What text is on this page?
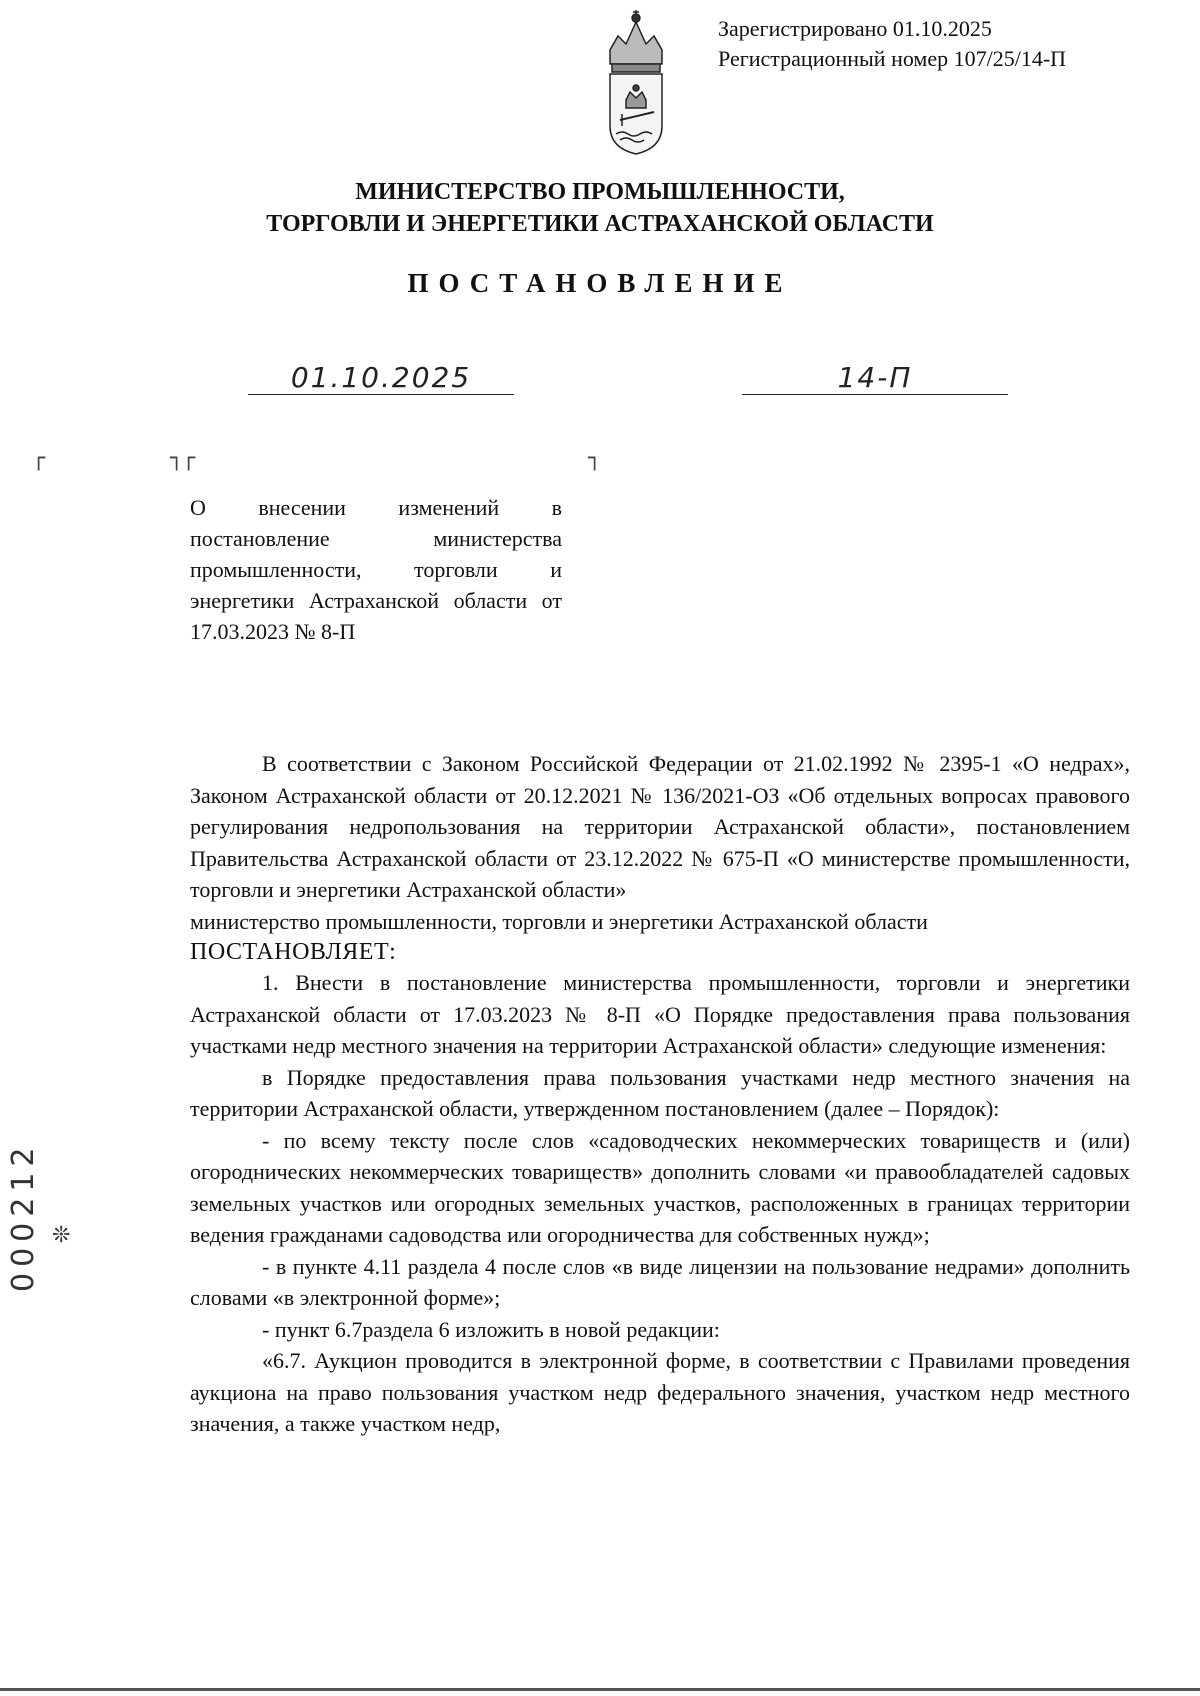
Зарегистрировано 01.10.2025
Регистрационный номер 107/25/14-П
МИНИСТЕРСТВО ПРОМЫШЛЕННОСТИ,
ТОРГОВЛИ И ЭНЕРГЕТИКИ АСТРАХАНСКОЙ ОБЛАСТИ
ПОСТАНОВЛЕНИЕ
01.10.2025	14-П
┌	┐
┌	┐
О внесении изменений в постановление министерства промышленности, торговли и энергетики Астраханской области от 17.03.2023 № 8-П

В соответствии с Законом Российской Федерации от 21.02.1992 № 2395-1 «О недрах», Законом Астраханской области от 20.12.2021 № 136/2021-ОЗ «Об отдельных вопросах правового регулирования недропользования на территории Астраханской области», постановлением Правительства Астраханской области от 23.12.2022 № 675-П «О министерстве промышленности, торговли и энергетики Астраханской области»

министерство промышленности, торговли и энергетики Астраханской области

ПОСТАНОВЛЯЕТ:

1. Внести в постановление министерства промышленности, торговли и энергетики Астраханской области от 17.03.2023 № 8-П «О Порядке предоставления права пользования участками недр местного значения на территории Астраханской области» следующие изменения:

в Порядке предоставления права пользования участками недр местного значения на территории Астраханской области, утвержденном постановлением (далее – Порядок):

- по всему тексту после слов «садоводческих некоммерческих товариществ и (или) огороднических некоммерческих товариществ» дополнить словами «и правообладателей садовых земельных участков или огородных земельных участков, расположенных в границах территории ведения гражданами садоводства или огородничества для собственных нужд»;

- в пункте 4.11 раздела 4 после слов «в виде лицензии на пользование недрами» дополнить словами «в электронной форме»;

- пункт 6.7раздела 6 изложить в новой редакции:

«6.7. Аукцион проводится в электронной форме, в соответствии с Правилами проведения аукциона на право пользования участком недр федерального значения, участком недр местного значения, а также участком недр,

❊
000212
